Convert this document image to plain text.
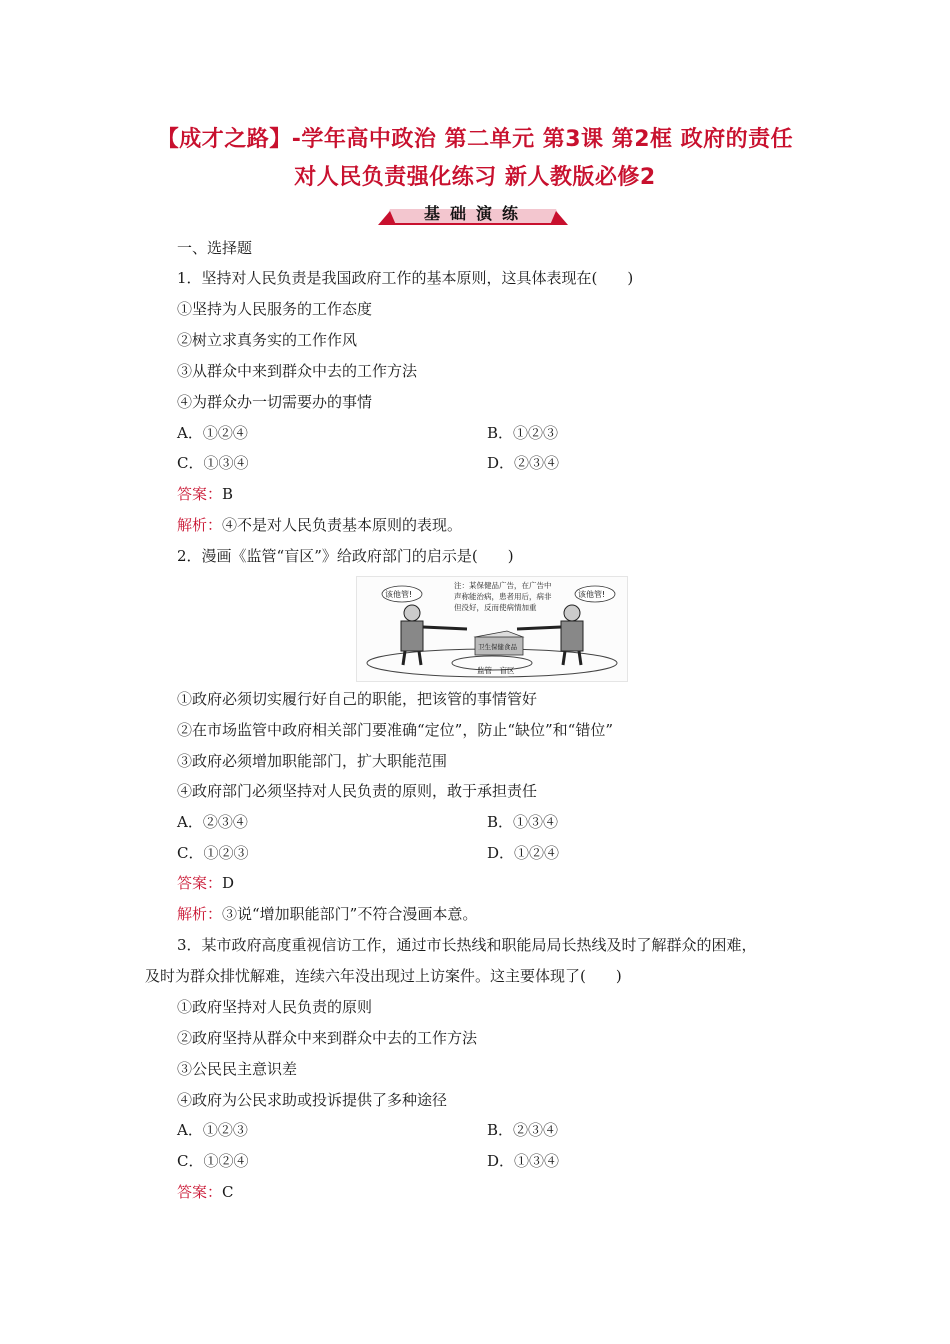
【成才之路】-学年高中政治 第二单元 第3课 第2框 政府的责任
对人民负责强化练习 新人教版必修2
基础演练
一、选择题
1．坚持对人民负责是我国政府工作的基本原则，这具体表现在(　　)
①坚持为人民服务的工作态度
②树立求真务实的工作作风
③从群众中来到群众中去的工作方法
④为群众办一切需要办的事情
A．①②④	B．①②③
C．①③④	D．②③④
答案：B
解析：④不是对人民负责基本原则的表现。
2．漫画《监管“盲区”》给政府部门的启示是(　　)
注：某保健品广告，在广告中
声称能治病，患者用后，病非
但没好，反而使病情加重
该他管!	该他管!
卫生保健食品
监管　盲区
①政府必须切实履行好自己的职能，把该管的事情管好
②在市场监管中政府相关部门要准确“定位”，防止“缺位”和“错位”
③政府必须增加职能部门，扩大职能范围
④政府部门必须坚持对人民负责的原则，敢于承担责任
A．②③④	B．①③④
C．①②③	D．①②④
答案：D
解析：③说“增加职能部门”不符合漫画本意。
3．某市政府高度重视信访工作，通过市长热线和职能局局长热线及时了解群众的困难，
及时为群众排忧解难，连续六年没出现过上访案件。这主要体现了(　　)
①政府坚持对人民负责的原则
②政府坚持从群众中来到群众中去的工作方法
③公民民主意识差
④政府为公民求助或投诉提供了多种途径
A．①②③	B．②③④
C．①②④	D．①③④
答案：C
